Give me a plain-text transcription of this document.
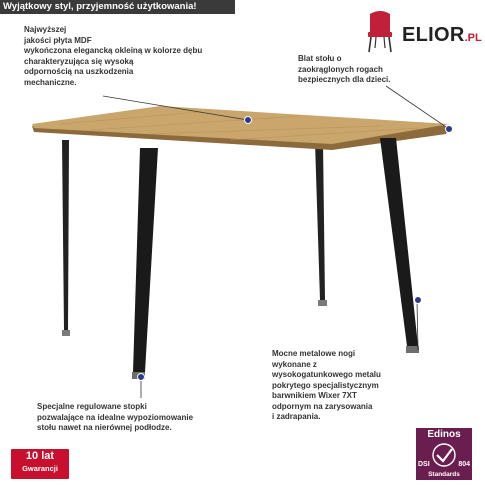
Wyjątkowy styl, przyjemność użytkowania!
ELIOR.PL
Najwyższej
jakości płyta MDF
wykończona elegancką okleiną w kolorze dębu
charakteryzująca się wysoką
odpornością na uszkodzenia
mechaniczne.
Blat stołu o
zaokrąglonych rogach
bezpiecznych dla dzieci.
Mocne metalowe nogi
wykonane z
wysokogatunkowego metalu
pokrytego specjalistycznym
barwnikiem Wixer 7XT
odpornym na zarysowania
i zadrapania.
Specjalne regulowane stopki
pozwalające na idealne wypoziomowanie
stołu nawet na nierównej podłodze.
10 lat
Gwarancji
Edinos
DSI	804
Standards
